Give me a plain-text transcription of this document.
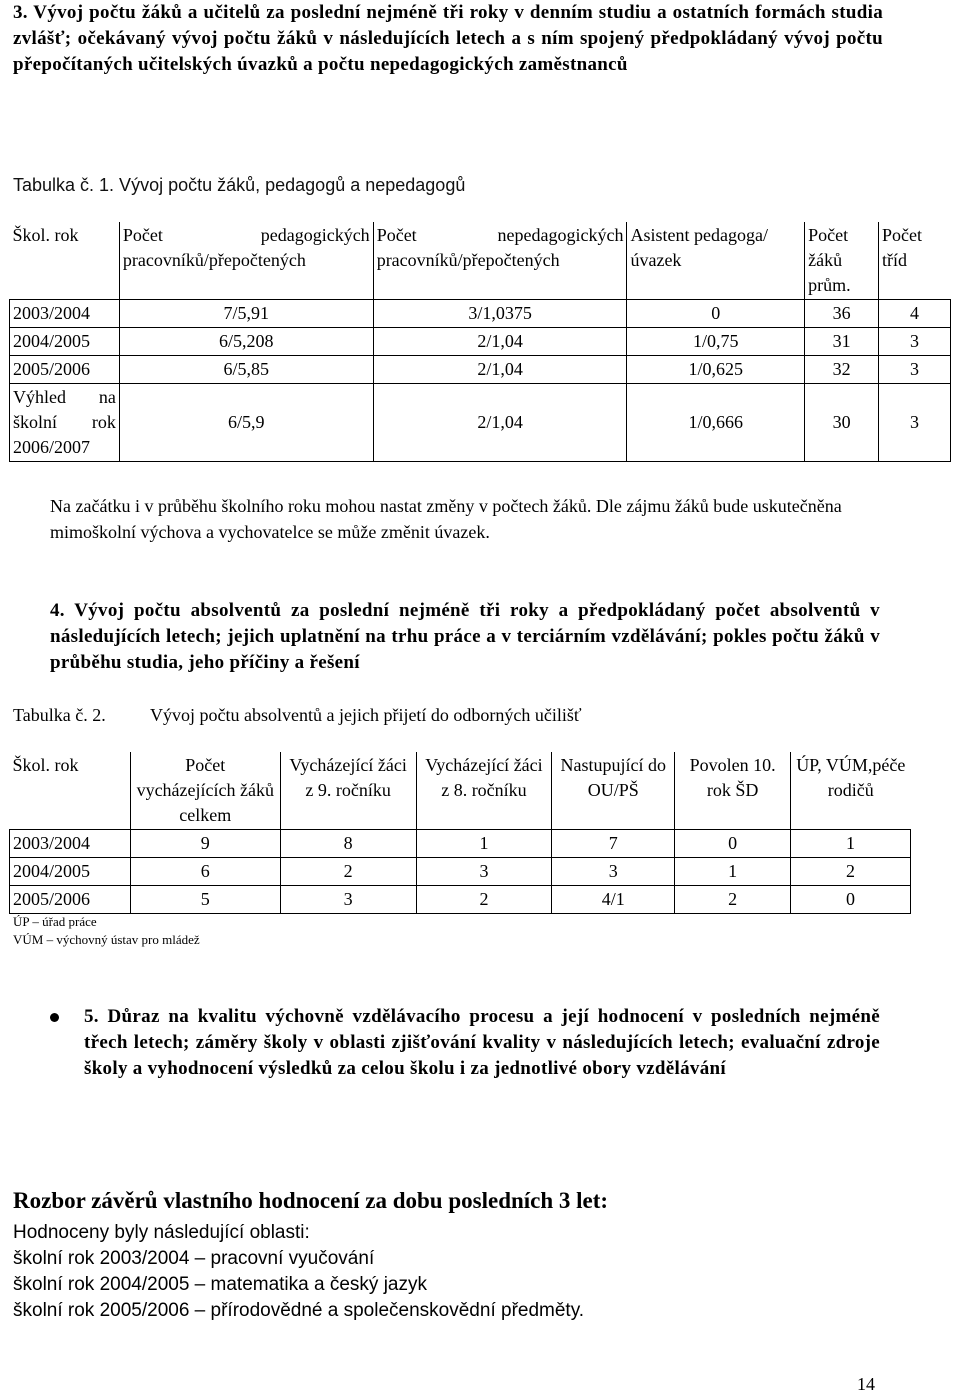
3. Vývoj počtu žáků a učitelů za poslední nejméně tři roky v denním studiu a ostatních formách studia zvlášť; očekávaný vývoj počtu žáků v následujících letech a s ním spojený předpokládaný vývoj počtu přepočítaných učitelských úvazků a počtu nepedagogických zaměstnanců
Tabulka č. 1. Vývoj počtu žáků, pedagogů a nepedagogů
Škol. rok	Počet pedagogických pracovníků/přepočtených	Počet nepedagogických pracovníků/přepočtených	Asistent pedagoga/úvazek	Počet žáků prům.	Počet tříd
2003/2004	7/5,91	3/1,0375	0	36	4
2004/2005	6/5,208	2/1,04	1/0,75	31	3
2005/2006	6/5,85	2/1,04	1/0,625	32	3
Výhled na školní rok 2006/2007	6/5,9	2/1,04	1/0,666	30	3
Na začátku i v průběhu školního roku mohou nastat změny v počtech žáků. Dle zájmu žáků bude uskutečněna mimoškolní výchova a vychovatelce se může změnit úvazek.
4. Vývoj počtu absolventů za poslední nejméně tři roky a předpokládaný počet absolventů v následujících letech; jejich uplatnění na trhu práce a v terciárním vzdělávání; pokles počtu žáků v průběhu studia, jeho příčiny a řešení
Tabulka č. 2. Vývoj počtu absolventů a jejich přijetí do odborných učilišť
Škol. rok	Počet vycházejících žáků celkem	Vycházející žáci z 9. ročníku	Vycházející žáci z 8. ročníku	Nastupující do OU/PŠ	Povolen 10. rok ŠD	ÚP, VÚM,péče rodičů
2003/2004	9	8	1	7	0	1
2004/2005	6	2	3	3	1	2
2005/2006	5	3	2	4/1	2	0
ÚP – úřad práce
VÚM – výchovný ústav pro mládež
5. Důraz na kvalitu výchovně vzdělávacího procesu a její hodnocení v posledních nejméně třech letech; záměry školy v oblasti zjišťování kvality v následujících letech; evaluační zdroje školy a vyhodnocení výsledků za celou školu i za jednotlivé obory vzdělávání
Rozbor závěrů vlastního hodnocení za dobu posledních 3 let:
Hodnoceny byly následující oblasti:
školní rok 2003/2004 – pracovní vyučování
školní rok 2004/2005 – matematika a český jazyk
školní rok 2005/2006 – přírodovědné a společenskovědní předměty.
14
